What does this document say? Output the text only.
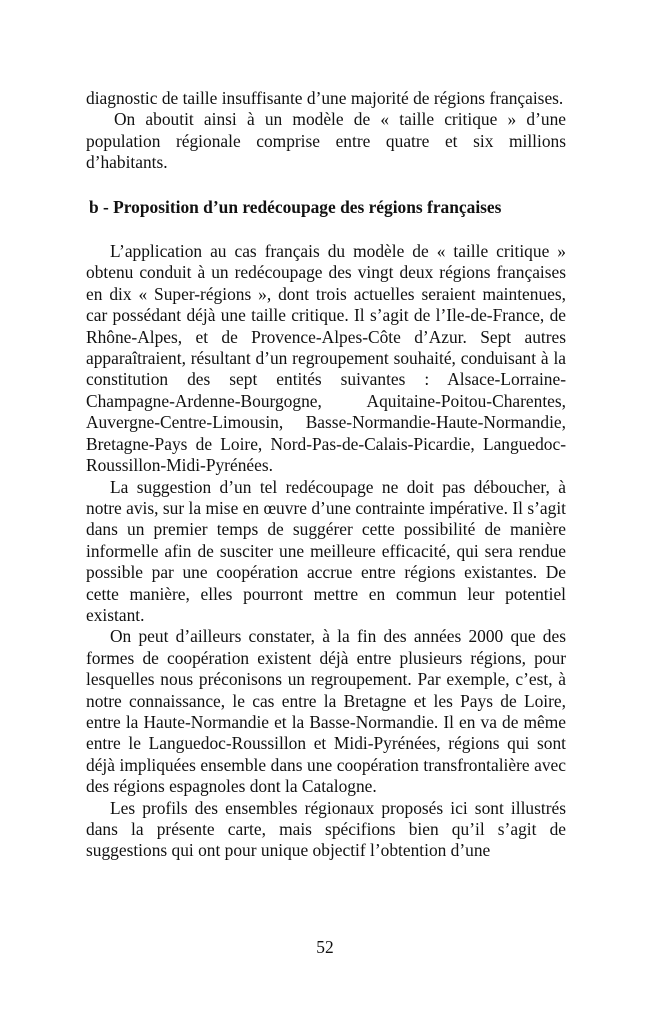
diagnostic de taille insuffisante d’une majorité de régions françaises.

On aboutit ainsi à un modèle de « taille critique » d’une population régionale comprise entre quatre et six millions d’habitants.

b - Proposition d’un redécoupage des régions françaises

L’application au cas français du modèle de « taille critique » obtenu conduit à un redécoupage des vingt deux régions françaises en dix « Super-régions », dont trois actuelles seraient maintenues, car possédant déjà une taille critique. Il s’agit de l’Ile-de-France, de Rhône-Alpes, et de Provence-Alpes-Côte d’Azur. Sept autres apparaîtraient, résultant d’un regroupement souhaité, conduisant à la constitution des sept entités suivantes : Alsace-Lorraine-Champagne-Ardenne-Bourgogne, Aquitaine-Poitou-Charentes, Auvergne-Centre-Limousin, Basse-Normandie-Haute-Normandie, Bretagne-Pays de Loire, Nord-Pas-de-Calais-Picardie, Languedoc-Roussillon-Midi-Pyrénées.

La suggestion d’un tel redécoupage ne doit pas déboucher, à notre avis, sur la mise en œuvre d’une contrainte impérative. Il s’agit dans un premier temps de suggérer cette possibilité de manière informelle afin de susciter une meilleure efficacité, qui sera rendue possible par une coopération accrue entre régions existantes. De cette manière, elles pourront mettre en commun leur potentiel existant.

On peut d’ailleurs constater, à la fin des années 2000 que des formes de coopération existent déjà entre plusieurs régions, pour lesquelles nous préconisons un regroupement. Par exemple, c’est, à notre connaissance, le cas entre la Bretagne et les Pays de Loire, entre la Haute-Normandie et la Basse-Normandie. Il en va de même entre le Languedoc-Roussillon et Midi-Pyrénées, régions qui sont déjà impliquées ensemble dans une coopération transfrontalière avec des régions espagnoles dont la Catalogne.

Les profils des ensembles régionaux proposés ici sont illustrés dans la présente carte, mais spécifions bien qu’il s’agit de suggestions qui ont pour unique objectif l’obtention d’une

52
